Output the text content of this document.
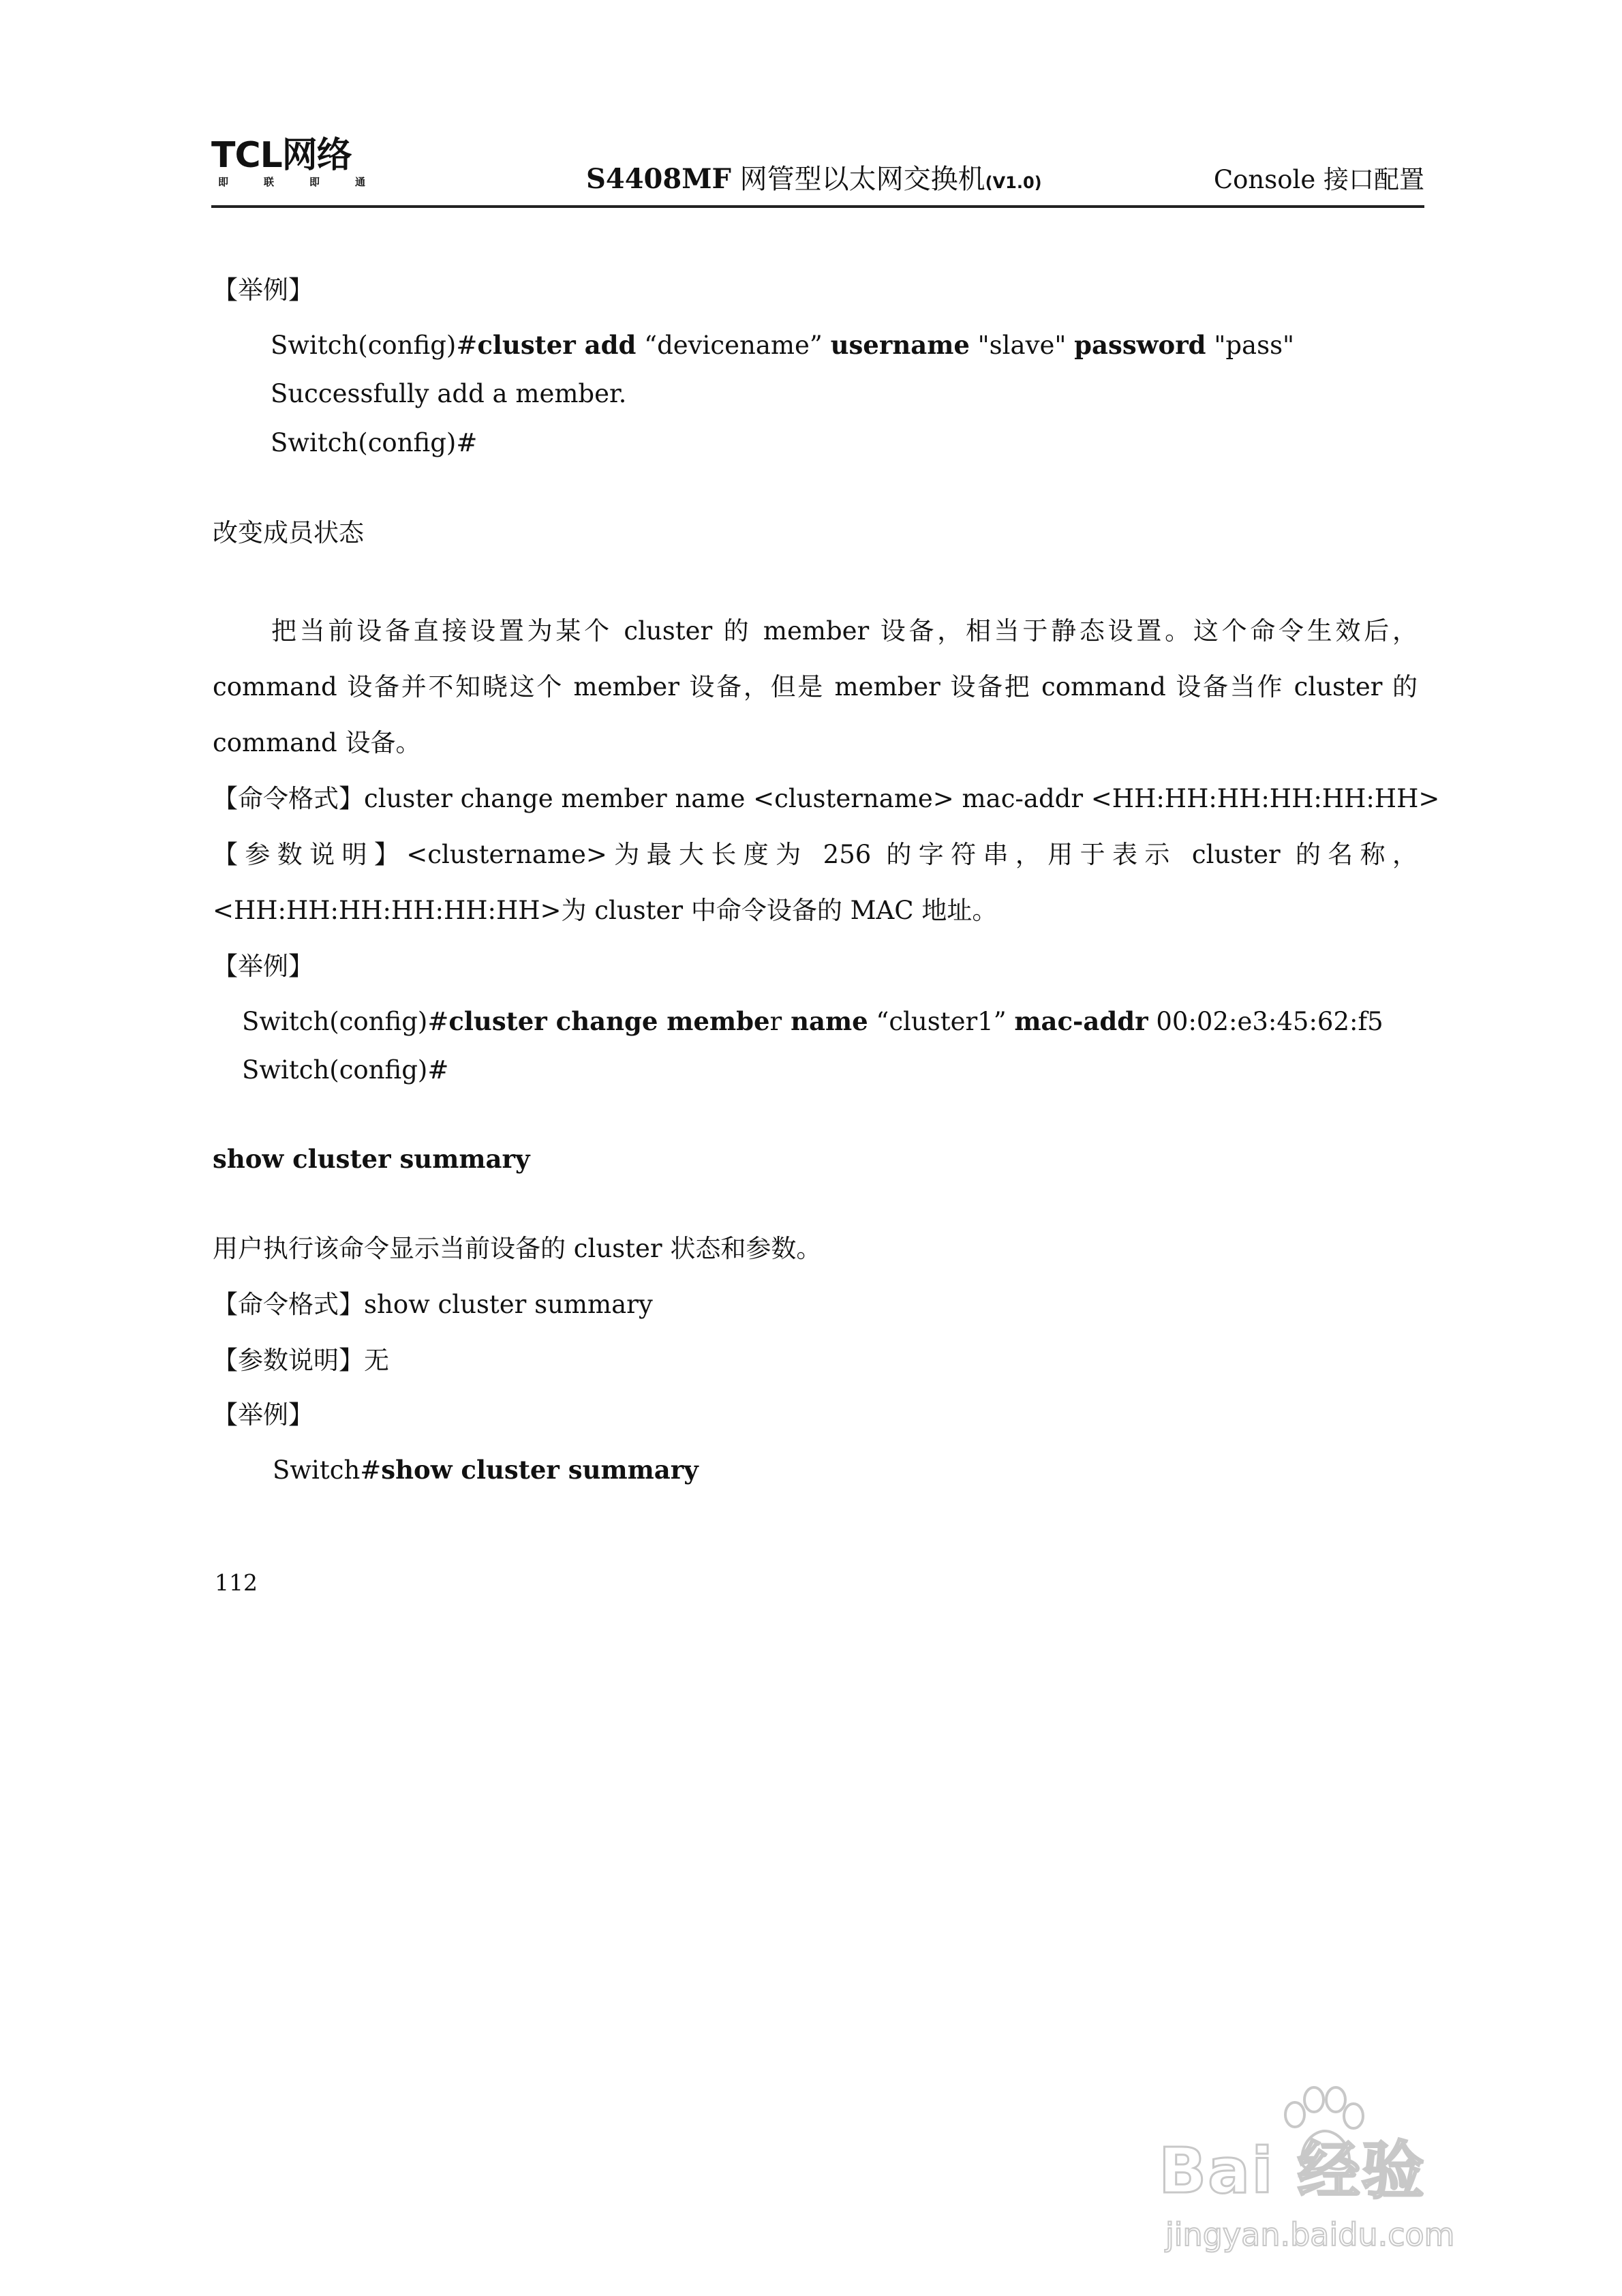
TCL网络
即联即通	S4408MF 网管型以太网交换机(V1.0)	Console 接口配置
【举例】
Switch(config)#cluster add “devicename” username "slave" password "pass"
Successfully add a member.
Switch(config)#
改变成员状态
把当前设备直接设置为某个 cluster 的 member 设备，相当于静态设置。这个命令生效后，
command 设备并不知晓这个 member 设备，但是 member 设备把 command 设备当作 cluster 的
command 设备。
【命令格式】cluster change member name <clustername> mac-addr <HH:HH:HH:HH:HH:HH>
【参数说明】<clustername>为最大长度为 256 的字符串，用于表示 cluster 的名称，
<HH:HH:HH:HH:HH:HH>为 cluster 中命令设备的 MAC 地址。
【举例】
Switch(config)#cluster change member name “cluster1” mac-addr 00:02:e3:45:62:f5
Switch(config)#
show cluster summary
用户执行该命令显示当前设备的 cluster 状态和参数。
【命令格式】show cluster summary
【参数说明】无
【举例】
Switch#show cluster summary
112
Bai 经验
jingyan.baidu.com
